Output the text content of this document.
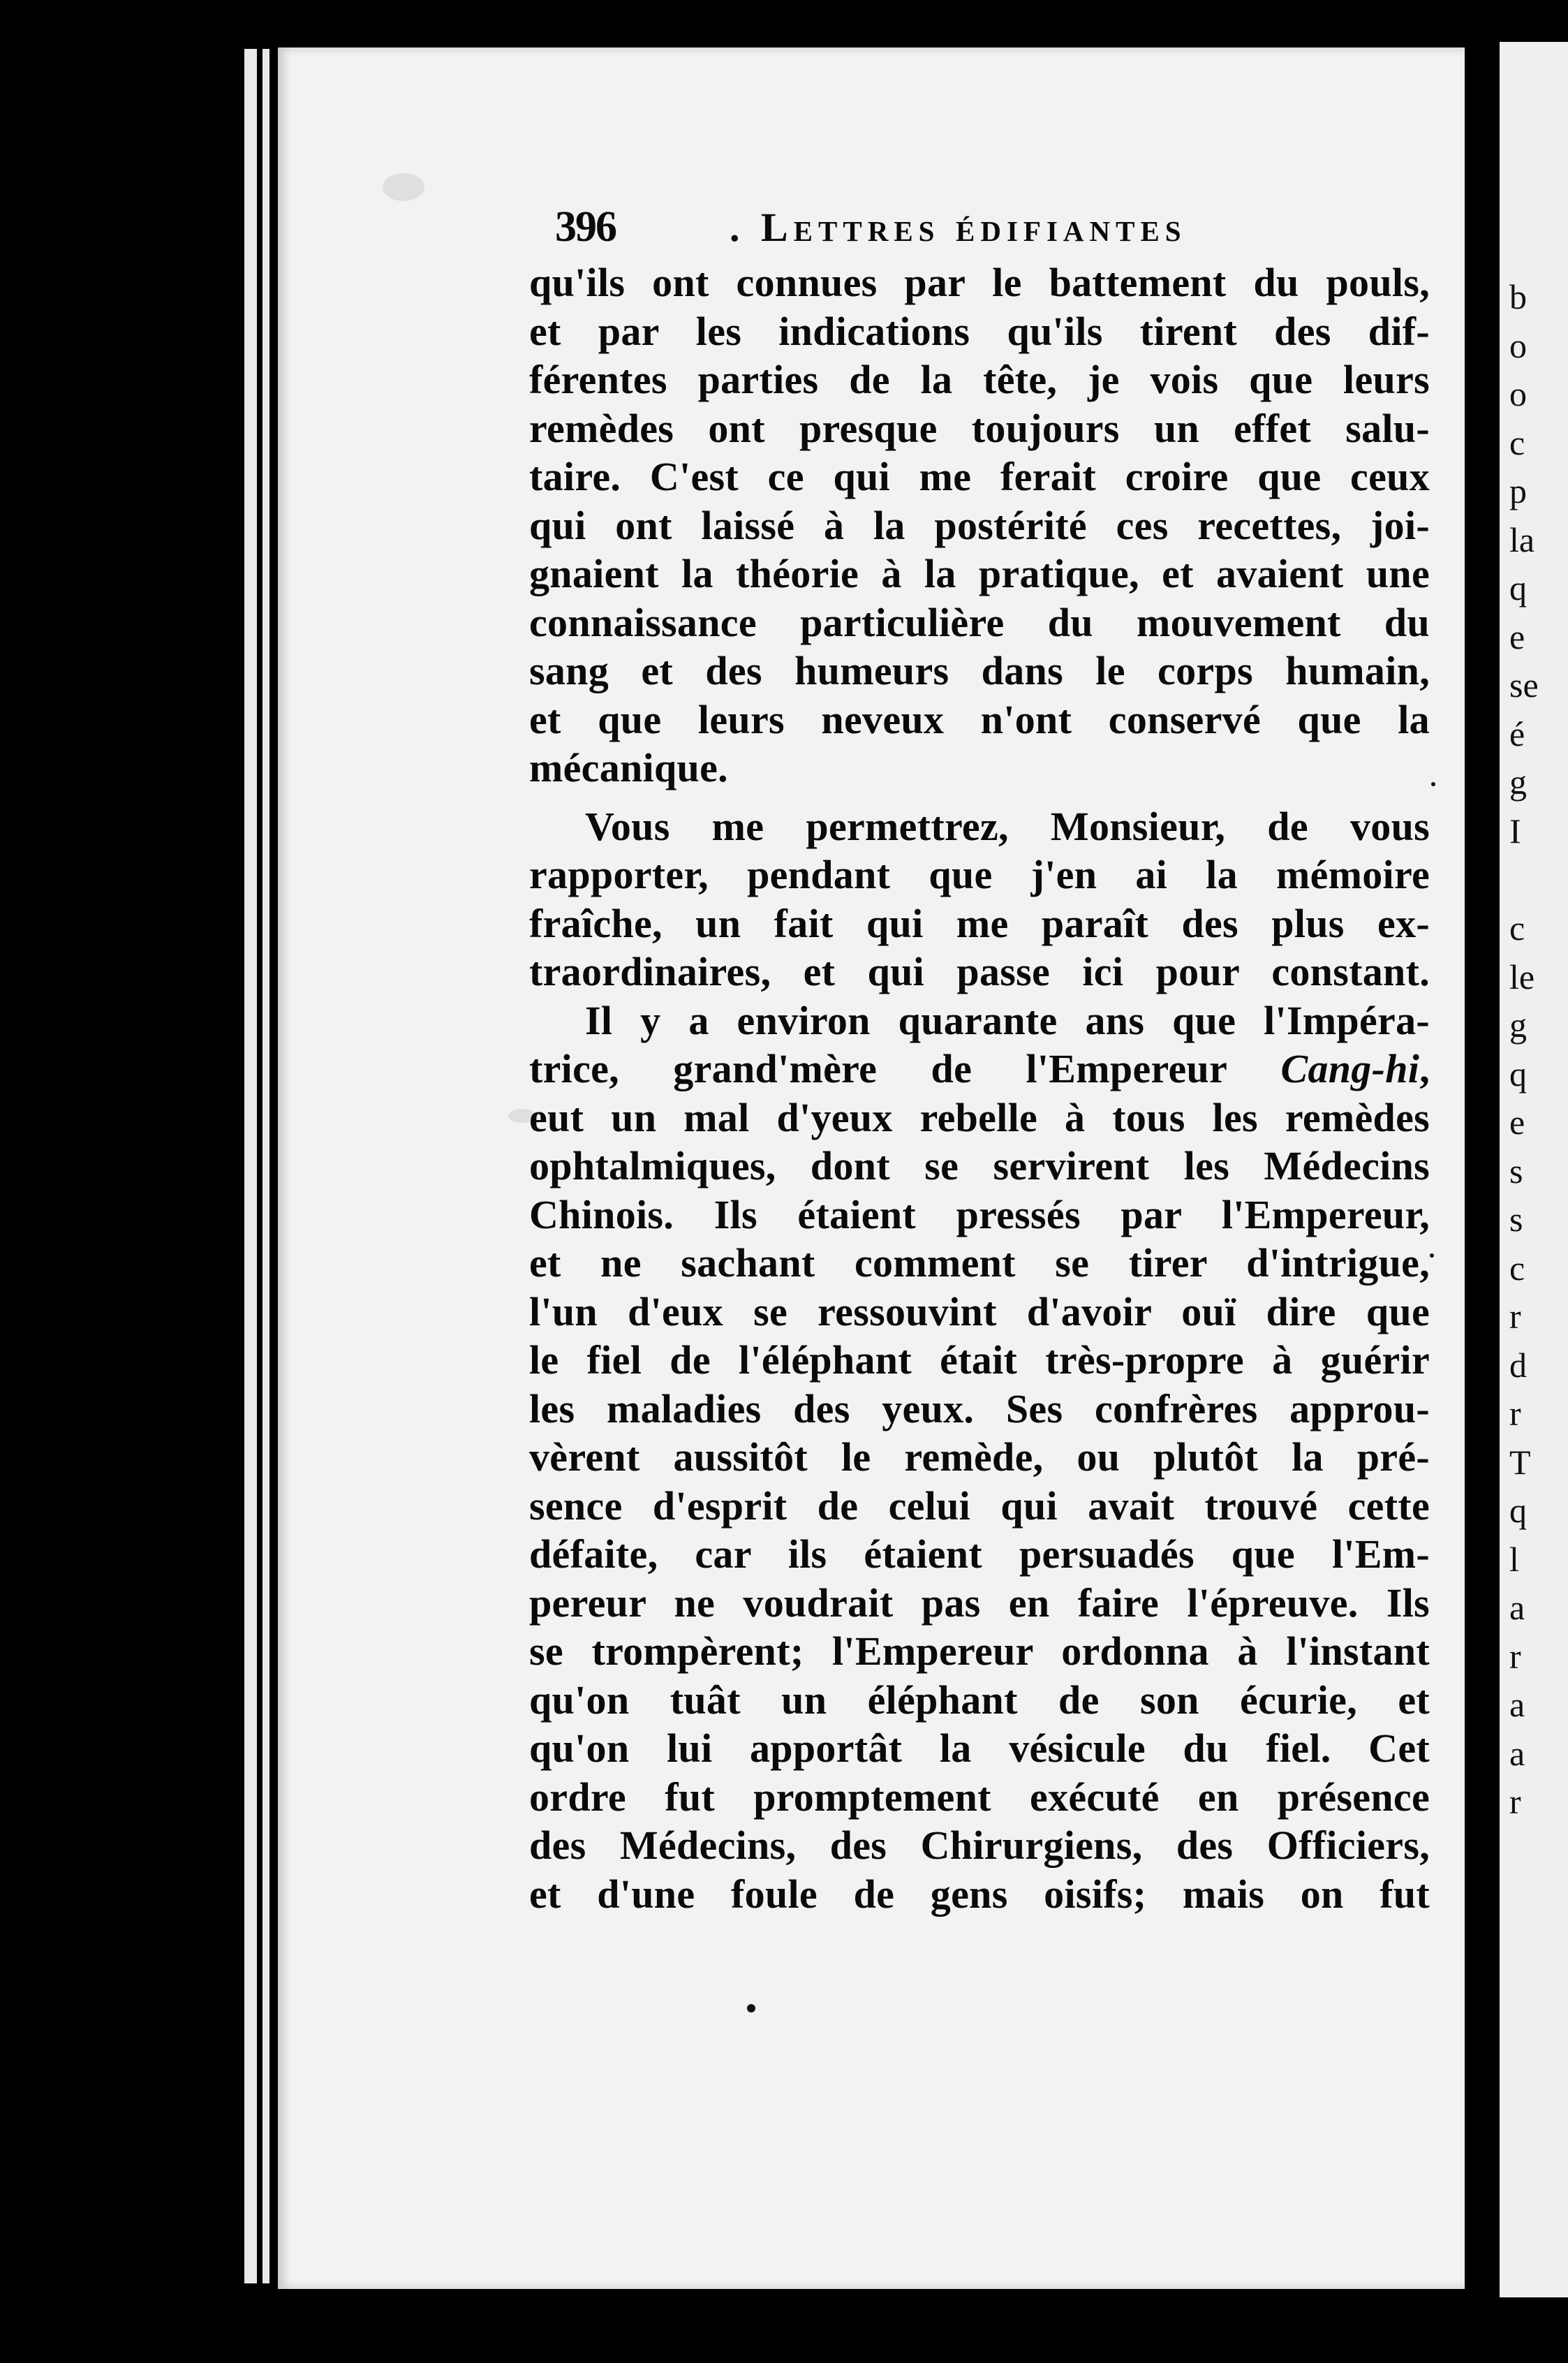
b
o
o
c
p
la
q
e
se
é
g
I
c
le
g
q
e
s
s
c
r
d
r
T
q
l
a
r
a
a
r
396	. Lettres édifiantes
qu'ils ont connues par le battement du pouls,
et par les indications qu'ils tirent des dif-
férentes parties de la tête, je vois que leurs
remèdes ont presque toujours un effet salu-
taire. C'est ce qui me ferait croire que ceux
qui ont laissé à la postérité ces recettes, joi-
gnaient la théorie à la pratique, et avaient une
connaissance particulière du mouvement du
sang et des humeurs dans le corps humain,
et que leurs neveux n'ont conservé que la
mécanique.
Vous me permettrez, Monsieur, de vous
rapporter, pendant que j'en ai la mémoire
fraîche, un fait qui me paraît des plus ex-
traordinaires, et qui passe ici pour constant.
Il y a environ quarante ans que l'Impéra-
trice, grand'mère de l'Empereur Cang-hi,
eut un mal d'yeux rebelle à tous les remèdes
ophtalmiques, dont se servirent les Médecins
Chinois. Ils étaient pressés par l'Empereur,
et ne sachant comment se tirer d'intrigue,
l'un d'eux se ressouvint d'avoir ouï dire que
le fiel de l'éléphant était très-propre à guérir
les maladies des yeux. Ses confrères approu-
vèrent aussitôt le remède, ou plutôt la pré-
sence d'esprit de celui qui avait trouvé cette
défaite, car ils étaient persuadés que l'Em-
pereur ne voudrait pas en faire l'épreuve. Ils
se trompèrent; l'Empereur ordonna à l'instant
qu'on tuât un éléphant de son écurie, et
qu'on lui apportât la vésicule du fiel. Cet
ordre fut promptement exécuté en présence
des Médecins, des Chirurgiens, des Officiers,
et d'une foule de gens oisifs; mais on fut
